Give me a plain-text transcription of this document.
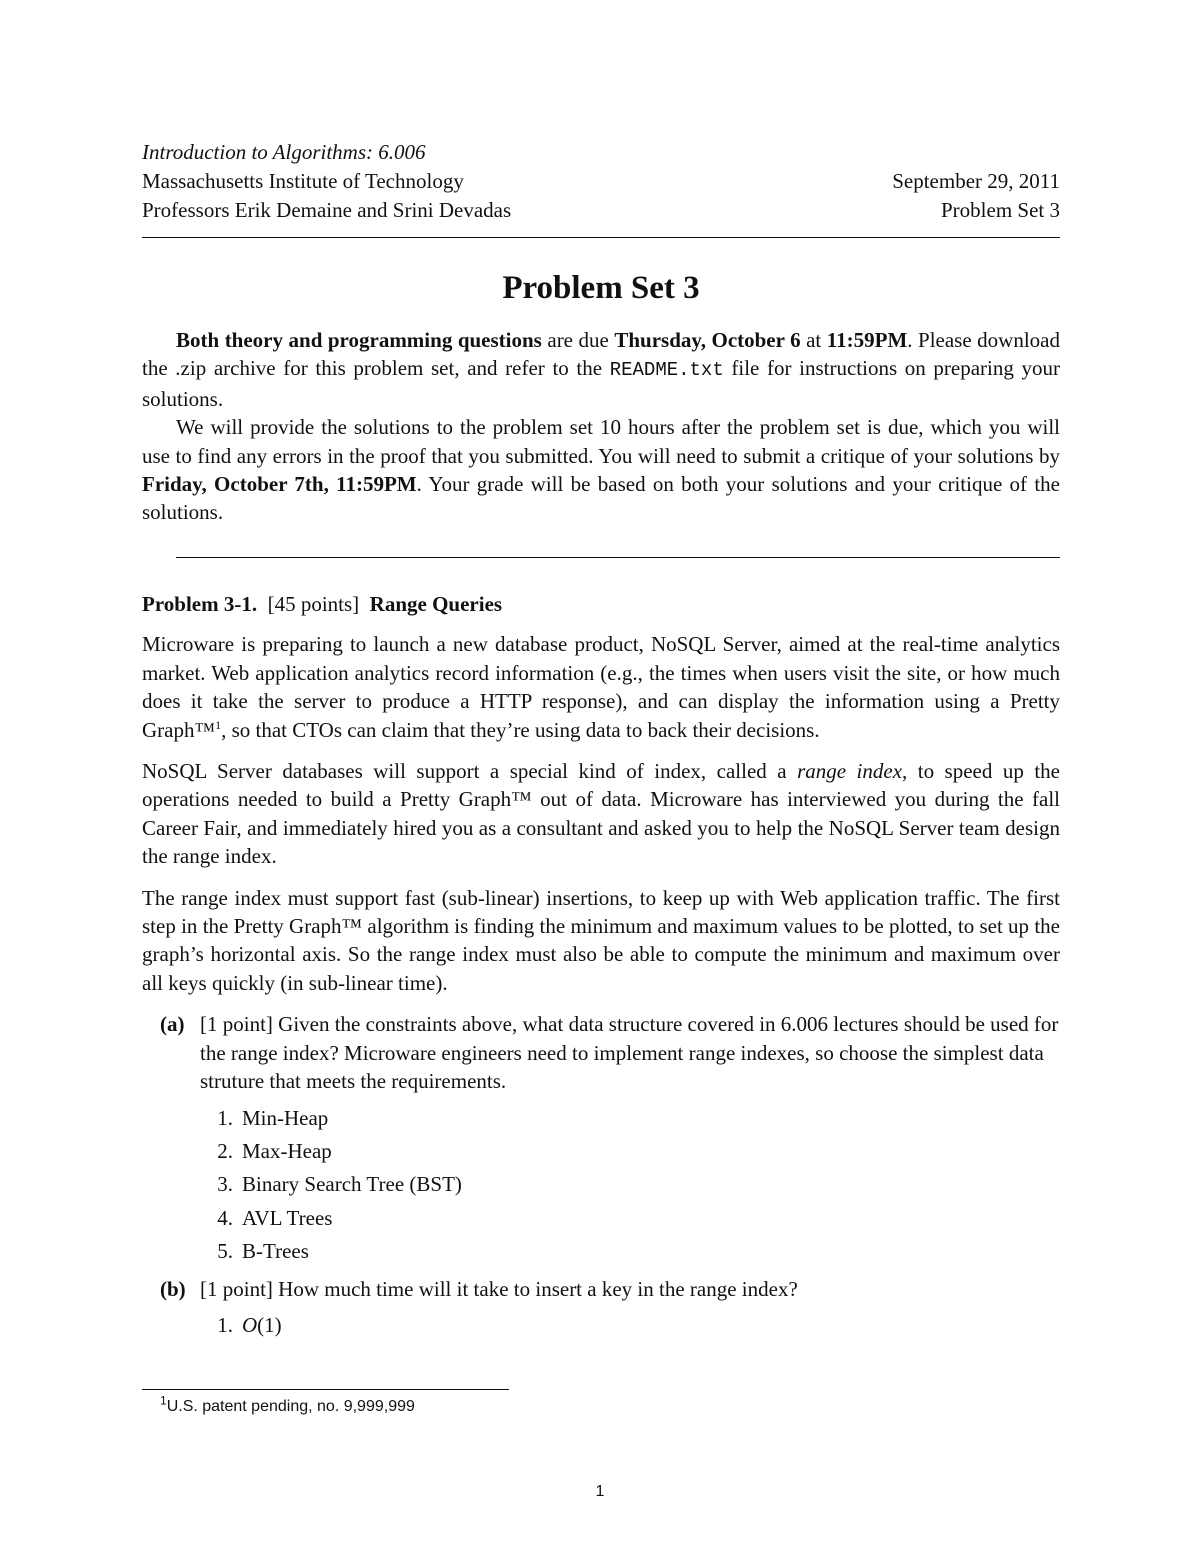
Introduction to Algorithms: 6.006
Massachusetts Institute of Technology	September 29, 2011
Professors Erik Demaine and Srini Devadas	Problem Set 3
Problem Set 3

Both theory and programming questions are due Thursday, October 6 at 11:59PM. Please download the .zip archive for this problem set, and refer to the README.txt file for instructions on preparing your solutions.

We will provide the solutions to the problem set 10 hours after the problem set is due, which you will use to find any errors in the proof that you submitted. You will need to submit a critique of your solutions by Friday, October 7th, 11:59PM. Your grade will be based on both your solutions and your critique of the solutions.

Problem 3-1. [45 points] Range Queries

Microware is preparing to launch a new database product, NoSQL Server, aimed at the real-time analytics market. Web application analytics record information (e.g., the times when users visit the site, or how much does it take the server to produce a HTTP response), and can display the information using a Pretty Graph™$^1$, so that CTOs can claim that they’re using data to back their decisions.

NoSQL Server databases will support a special kind of index, called a range index, to speed up the operations needed to build a Pretty Graph™ out of data. Microware has interviewed you during the fall Career Fair, and immediately hired you as a consultant and asked you to help the NoSQL Server team design the range index.

The range index must support fast (sub-linear) insertions, to keep up with Web application traffic. The first step in the Pretty Graph™ algorithm is finding the minimum and maximum values to be plotted, to set up the graph’s horizontal axis. So the range index must also be able to compute the minimum and maximum over all keys quickly (in sub-linear time).

(a) [1 point] Given the constraints above, what data structure covered in 6.006 lectures should be used for the range index? Microware engineers need to implement range indexes, so choose the simplest data struture that meets the requirements.

1. Min-Heap
2. Max-Heap
3. Binary Search Tree (BST)
4. AVL Trees
5. B-Trees
(b) [1 point] How much time will it take to insert a key in the range index?

1. O(1)
$^1$U.S. patent pending, no. 9,999,999
1
